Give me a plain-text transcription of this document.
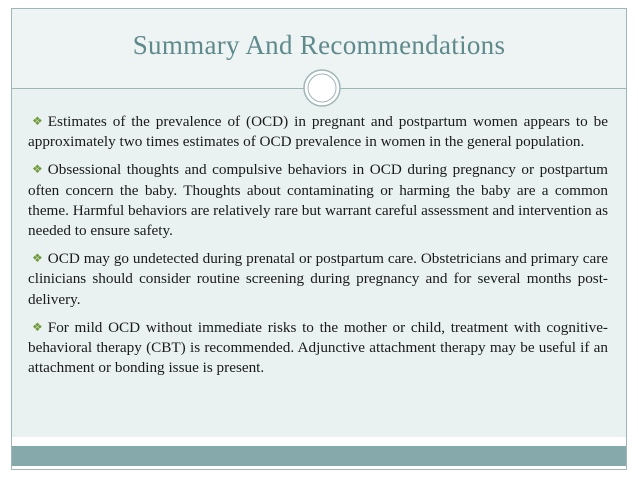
Summary And Recommendations
❖ Estimates of the prevalence of (OCD) in pregnant and postpartum women appears to be approximately two times estimates of OCD prevalence in women in the general population.
❖ Obsessional thoughts and compulsive behaviors in OCD during pregnancy or postpartum often concern the baby. Thoughts about contaminating or harming the baby are a common theme. Harmful behaviors are relatively rare but warrant careful assessment and intervention as needed to ensure safety.
❖ OCD may go undetected during prenatal or postpartum care. Obstetricians and primary care clinicians should consider routine screening during pregnancy and for several months post-delivery.
❖ For mild OCD without immediate risks to the mother or child, treatment with cognitive-behavioral therapy (CBT) is recommended. Adjunctive attachment therapy may be useful if an attachment or bonding issue is present.
